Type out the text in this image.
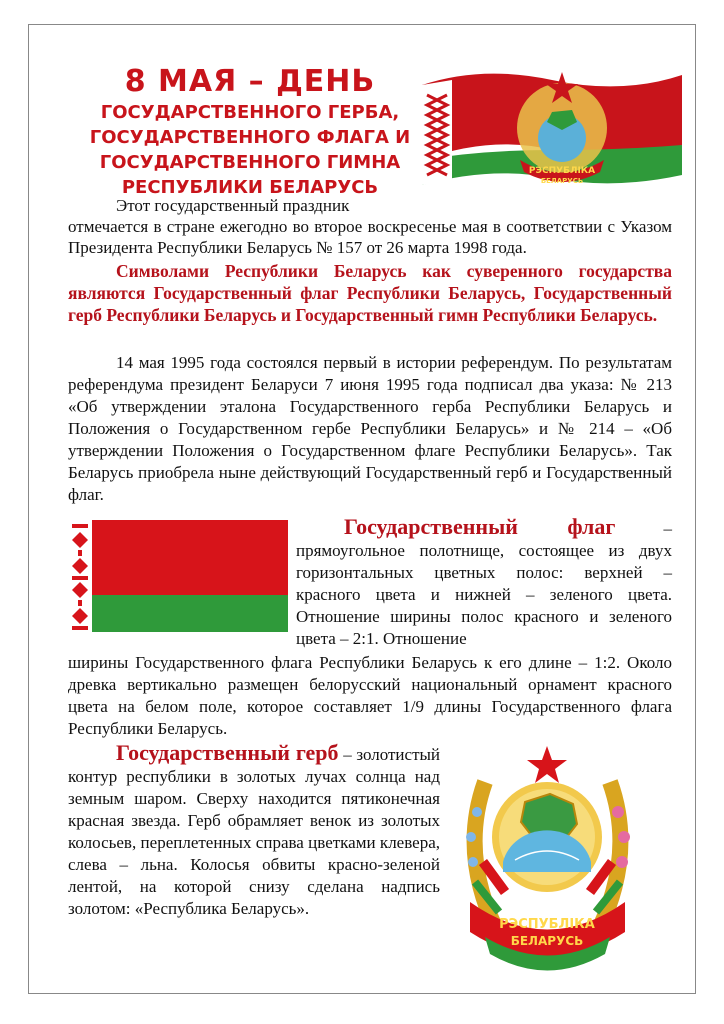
8 МАЯ – ДЕНЬ
ГОСУДАРСТВЕННОГО ГЕРБА,
ГОСУДАРСТВЕННОГО ФЛАГА И
ГОСУДАРСТВЕННОГО ГИМНА
РЕСПУБЛИКИ БЕЛАРУСЬ
РЭСПУБЛІКА
БЕЛАРУСЬ
Этот государственный праздник
отмечается в стране ежегодно во второе воскресенье мая в соответствии с Указом Президента Республики Беларусь № 157 от 26 марта 1998 года.
Символами Республики Беларусь как суверенного государства являются Государственный флаг Республики Беларусь, Государственный герб Республики Беларусь и Государственный гимн Республики Беларусь.
14 мая 1995 года состоялся первый в истории референдум. По результатам референдума президент Беларуси 7 июня 1995 года подписал два указа: № 213 «Об утверждении эталона Государственного герба Республики Беларусь и Положения о Государственном гербе Республики Беларусь» и № 214 – «Об утверждении Положения о Государственном флаге Республики Беларусь». Так Беларусь приобрела ныне действующий Государственный герб и Государственный флаг.
Государственный флаг	– прямоугольное полотнище, состоящее из двух горизонтальных цветных полос: верхней – красного цвета и нижней – зеленого цвета. Отношение ширины полос красного и зеленого цвета – 2:1. Отношение
ширины Государственного флага Республики Беларусь к его длине – 1:2. Около древка вертикально размещен белорусский национальный орнамент красного цвета на белом поле, которое составляет 1/9 длины Государственного флага Республики Беларусь.
Государственный герб – золотистый контур республики в золотых лучах солнца над земным шаром. Сверху находится пятиконечная красная звезда. Герб обрамляет венок из золотых колосьев, переплетенных справа цветками клевера, слева – льна. Колосья обвиты красно-зеленой лентой, на которой снизу сделана надпись золотом: «Республика Беларусь».
РЭСПУБЛІКА
БЕЛАРУСЬ
